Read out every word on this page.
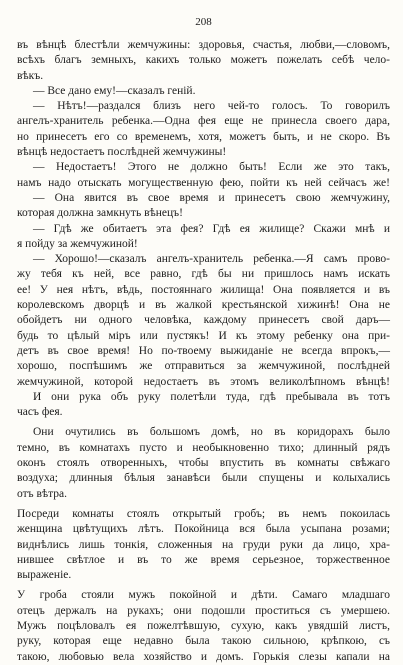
208
въ вѣнцѣ блестѣли жемчужины: здоровья, счастья, любви,—словомъ,
всѣхъ благъ земныхъ, какихъ только можетъ пожелать себѣ чело-
вѣкъ.
— Все дано ему!—сказалъ геній.
— Нѣтъ!—раздался близъ него чей-то голосъ. То говорилъ
ангелъ-хранитель ребенка.—Одна фея еще не принесла своего дара,
но принесетъ его со временемъ, хотя, можетъ быть, и не скоро. Въ
вѣнцѣ недостаетъ послѣдней жемчужины!
— Недостаетъ! Этого не должно быть! Если же это такъ,
намъ надо отыскать могущественную фею, пойти къ ней сейчасъ же!
— Она явится въ свое время и принесетъ свою жемчужину,
которая должна замкнуть вѣнецъ!
— Гдѣ же обитаетъ эта фея? Гдѣ ея жилище? Скажи мнѣ и
я пойду за жемчужиной!
— Хорошо!—сказалъ ангелъ-хранитель ребенка.—Я самъ прово-
жу тебя къ ней, все равно, гдѣ бы ни пришлось намъ искать
ее! У нея нѣтъ, вѣдь, постояннаго жилища! Она появляется и въ
королевскомъ дворцѣ и въ жалкой крестьянской хижинѣ! Она не
обойдетъ ни одного человѣка, каждому принесетъ свой даръ—
будь то цѣлый міръ или пустякъ! И къ этому ребенку она при-
детъ въ свое время! Но по-твоему выжиданіе не всегда впрокъ,—
хорошо, поспѣшимъ же отправиться за жемчужиной, послѣдней
жемчужиной, которой недостаетъ въ этомъ великолѣпномъ вѣнцѣ!
И они рука объ руку полетѣли туда, гдѣ пребывала въ тотъ
часъ фея.
Они очутились въ большомъ домѣ, но въ коридорахъ было
темно, въ комнатахъ пусто и необыкновенно тихо; длинный рядъ
оконъ стоялъ отворенныхъ, чтобы впустить въ комнаты свѣжаго
воздуха; длинныя бѣлыя занавѣси были спущены и колыхались
отъ вѣтра.
Посреди комнаты стоялъ открытый гробъ; въ немъ покоилась
женщина цвѣтущихъ лѣтъ. Покойница вся была усыпана розами;
виднѣлись лишь тонкія, сложенныя на груди руки да лицо, хра-
нившее свѣтлое и въ то же время серьезное, торжественное
выраженіе.
У гроба стояли мужъ покойной и дѣти. Самаго младшаго
отецъ держалъ на рукахъ; они подошли проститься съ умершею.
Мужъ поцѣловалъ ея пожелтѣвшую, сухую, какъ увядшій листъ,
руку, которая еще недавно была такою сильною, крѣпкою, съ
такою, любовью вела хозяйство и домъ. Горькія слезы капали на
